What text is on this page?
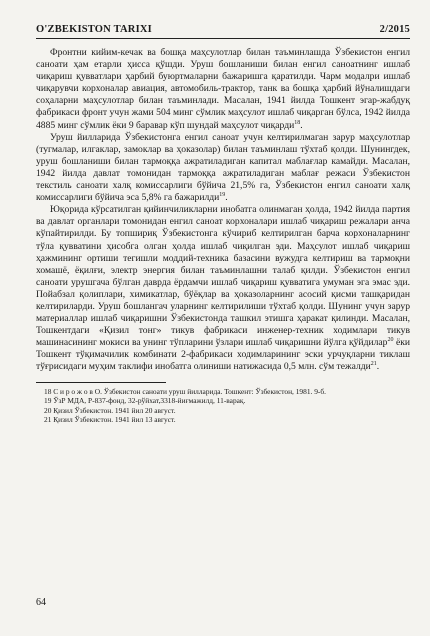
O'ZBEKISTON TARIXI	2/2015

Фронтни кийим-кечак ва бошқа маҳсулотлар билан таъминлашда Ўзбекистон енгил саноати ҳам етарли ҳисса қўшди. Уруш бошланиши билан енгил саноатнинг ишлаб чиқариш қувватлари ҳарбий буюртмаларни бажаришга қаратилди. Чарм модалри ишлаб чиқарувчи корхоналар авиация, автомобиль-трактор, танк ва бошқа ҳарбий йўналишдаги соҳаларни маҳсулотлар билан таъминлади. Масалан, 1941 йилда Тошкент эгар-жабдуқ фабрикаси фронт учун жами 504 минг сўмлик маҳсулот ишлаб чиқарган бўлса, 1942 йилда 4885 минг сўмлик ёки 9 баравар кўп шундай маҳсулот чиқарди$^{18}$.

Уруш йилларида Ўзбекистонга енгил саноат учун келтирилмаган зарур маҳсулотлар (тугмалар, илгаклар, замоклар ва ҳоказолар) билан таъминлаш тўхтаб қолди. Шунингдек, уруш бошланиши билан тармоққа ажратиладиган капитал маблағлар камайди. Масалан, 1942 йилда давлат томонидан тармоққа ажратиладиган маблағ режаси Ўзбекистон текстиль саноати халқ комиссарлиги бўйича 21,5% га, Ўзбекистон енгил саноати халқ комиссарлиги бўйича эса 5,8% га бажарилди$^{19}$.

Юқорида кўрсатилган қийинчиликларни инобатга олинмаган ҳолда, 1942 йилда партия ва давлат органлари томонидан енгил саноат корхоналари ишлаб чиқариш режалари анча кўпайтирилди. Бу топшириқ Ўзбекистонга кўчириб келтирилган барча корхоналарнинг тўла қувватини ҳисобга олган ҳолда ишлаб чиқилган эди. Маҳсулот ишлаб чиқариш ҳажмининг ортиши тегишли моддий-техника базасини вужудга келтириш ва тармоқни хомашё, ёқилғи, электр энергия билан таъминлашни талаб қилди. Ўзбекистон енгил саноати урушгача бўлган даврда ёрдамчи ишлаб чиқариш қувватига умуман эга эмас эди. Пойабзал қолиплари, химикатлар, бўёқлар ва ҳоказоларнинг асосий қисми ташқаридан келтириларди. Уруш бошлангач уларнинг келтирилиши тўхтаб қолди. Шунинг учун зарур материаллар ишлаб чиқаришни Ўзбекистонда ташкил этишга ҳаракат қилинди. Масалан, Тошкентдаги «Қизил тонг» тикув фабрикаси инженер-техник ходимлари тикув машинасининг мокиси ва унинг тўпларини ўзлари ишлаб чиқаришни йўлга қўйдилар$^{20}$ ёки Тошкент тўқимачилик комбинати 2-фабрикаси ходимларининг эски урчуқларни тиклаш тўғрисидаги муҳим таклифи инобатга олиниши натижасида 0,5 млн. сўм тежалди$^{21}$.

18 С и р о ж о в О. Ўзбекистон саноати уруш йилларида. Тошкент: Ўзбекистон, 1981. 9-б.
19 ЎзР МДА, Р-837-фонд, 32-рўйхат,3318-йиғмажилд, 11-варақ.
20 Қизил Ўзбекистон. 1941 йил 20 август.
21 Қизил Ўзбекистон. 1941 йил 13 август.
64
